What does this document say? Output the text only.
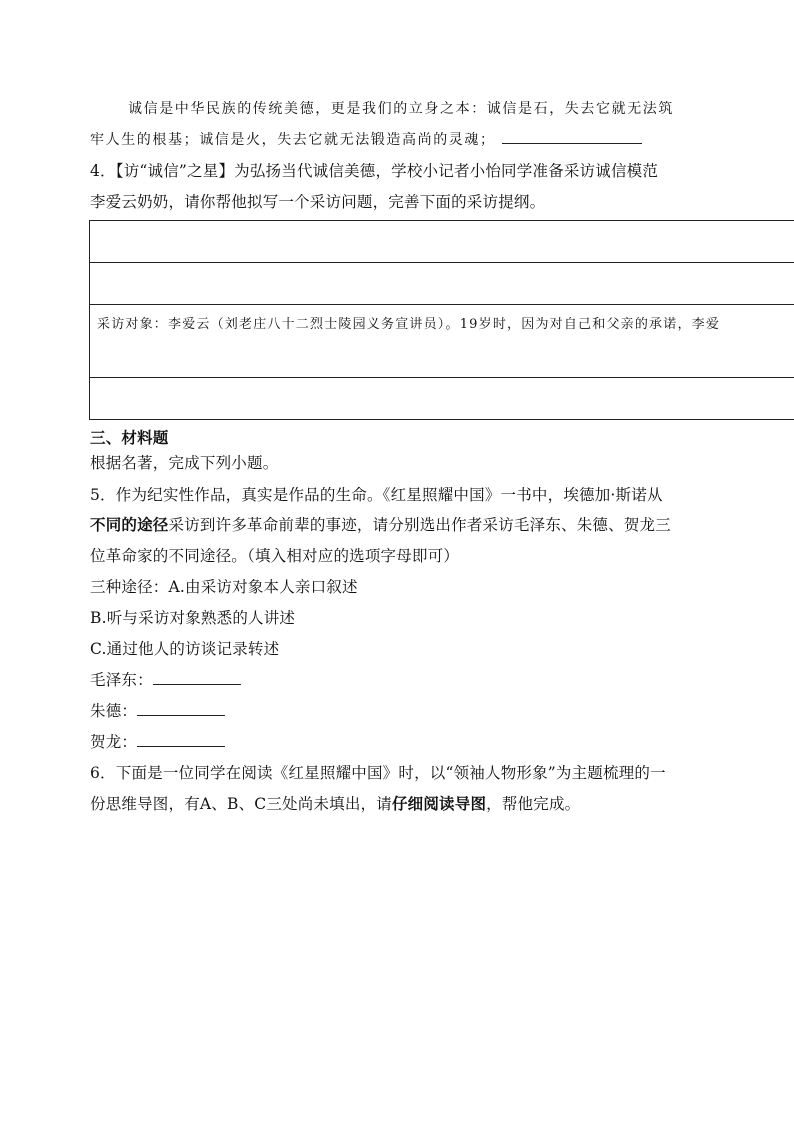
诚信是中华民族的传统美德，更是我们的立身之本：诚信是石，失去它就无法筑
牢人生的根基；诚信是火，失去它就无法锻造高尚的灵魂；
4．【访“诚信”之星】为弘扬当代诚信美德，学校小记者小怡同学准备采访诚信模范
李爱云奶奶，请你帮他拟写一个采访问题，完善下面的采访提纲。
采访对象：李爱云（刘老庄八十二烈士陵园义务宣讲员）。19岁时，因为对自己和父亲的承诺，李爱
三、材料题
根据名著，完成下列小题。
5．作为纪实性作品，真实是作品的生命。《红星照耀中国》一书中，埃德加·斯诺从
不同的途径采访到许多革命前辈的事迹，请分别选出作者采访毛泽东、朱德、贺龙三
位革命家的不同途径。（填入相对应的选项字母即可）
三种途径：A.由采访对象本人亲口叙述
B.听与采访对象熟悉的人讲述
C.通过他人的访谈记录转述
毛泽东：
朱德：
贺龙：
6．下面是一位同学在阅读《红星照耀中国》时，以“领袖人物形象”为主题梳理的一
份思维导图，有A、B、C三处尚未填出，请仔细阅读导图，帮他完成。
